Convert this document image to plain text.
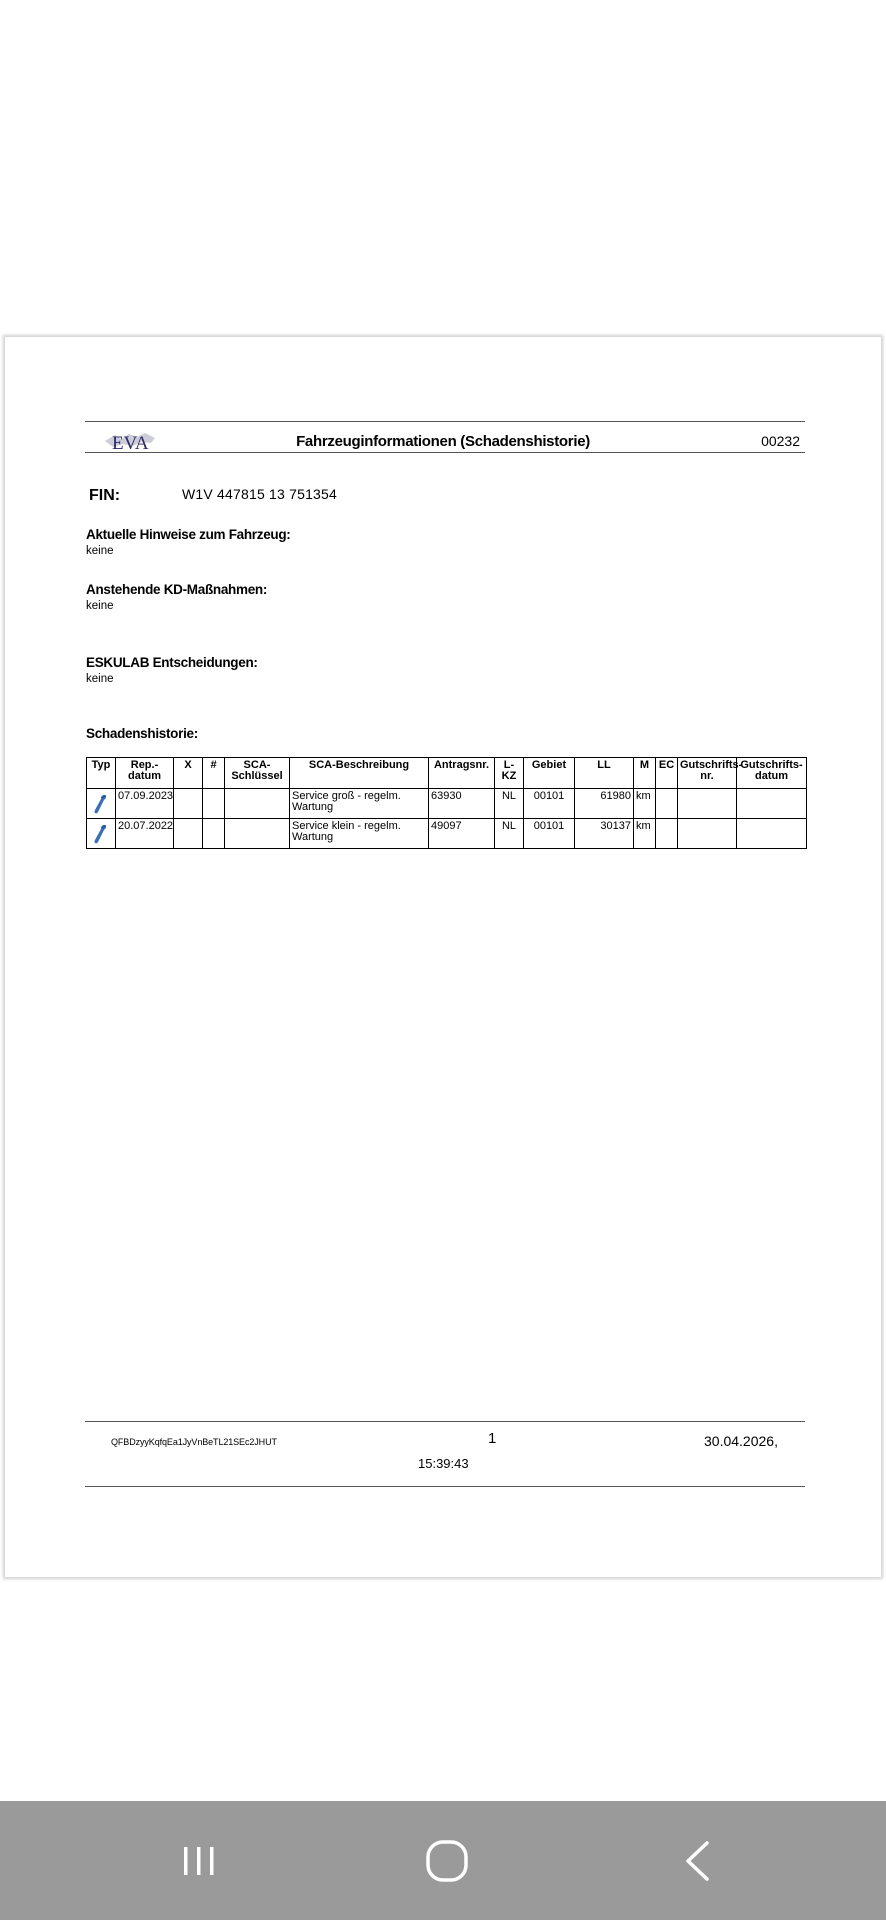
EVA	Fahrzeuginformationen (Schadenshistorie)	00232
FIN:	W1V 447815 13 751354
Aktuelle Hinweise zum Fahrzeug:
keine
Anstehende KD-Maßnahmen:
keine
ESKULAB Entscheidungen:
keine
Schadenshistorie:
Typ	Rep.-datum	X	#	SCA-Schlüssel	SCA-Beschreibung	Antragsnr.	L-KZ	Gebiet	LL	M	EC	Gutschrifts-nr.	Gutschrifts-datum

	07.09.2023				Service groß - regelm. Wartung	63930	NL	00101	61980	km			

	20.07.2022				Service klein - regelm. Wartung	49097	NL	00101	30137	km			
QFBDzyyKqfqEa1JyVnBeTL21SEc2JHUT	1	30.04.2026,
15:39:43
